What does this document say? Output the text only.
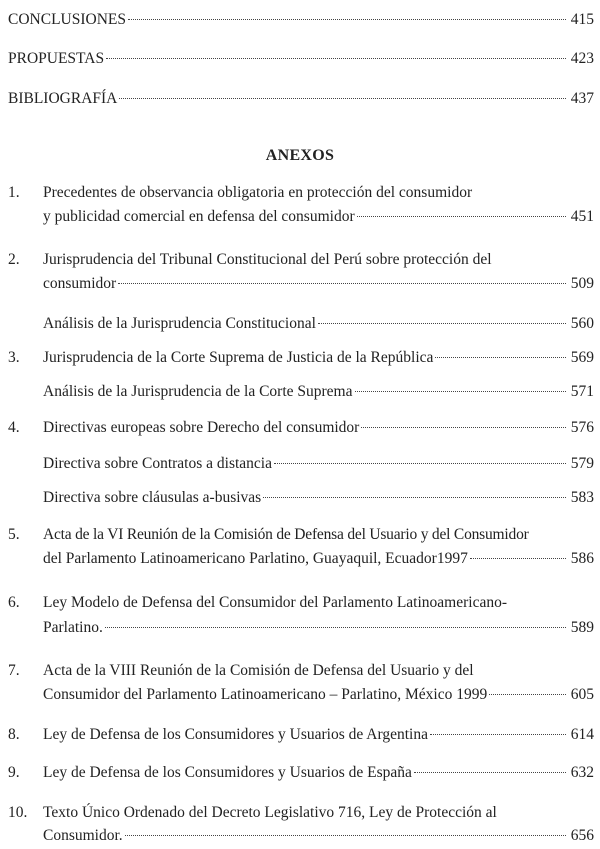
CONCLUSIONES	415
PROPUESTAS	423
BIBLIOGRAFÍA	437
ANEXOS
1. Precedentes de observancia obligatoria en protección del consumidor
y publicidad comercial en defensa del consumidor	451
2. Jurisprudencia del Tribunal Constitucional del Perú sobre protección del
consumidor	509
Análisis de la Jurisprudencia Constitucional	560
3. Jurisprudencia de la Corte Suprema de Justicia de la República	569
Análisis de la Jurisprudencia de la Corte Suprema	571
4. Directivas europeas sobre Derecho del consumidor	576
Directiva sobre Contratos a distancia	579
Directiva sobre cláusulas a-busivas	583
5. Acta de la VI Reunión de la Comisión de Defensa del Usuario y del Consumidor
del Parlamento Latinoamericano Parlatino, Guayaquil, Ecuador1997	586
6. Ley Modelo de Defensa del Consumidor del Parlamento Latinoamericano-
Parlatino.	589
7. Acta de la VIII Reunión de la Comisión de Defensa del Usuario y del
Consumidor del Parlamento Latinoamericano – Parlatino, México 1999	605
8. Ley de Defensa de los Consumidores y Usuarios de Argentina	614
9. Ley de Defensa de los Consumidores y Usuarios de España	632
10. Texto Único Ordenado del Decreto Legislativo 716, Ley de Protección al
Consumidor.	656
